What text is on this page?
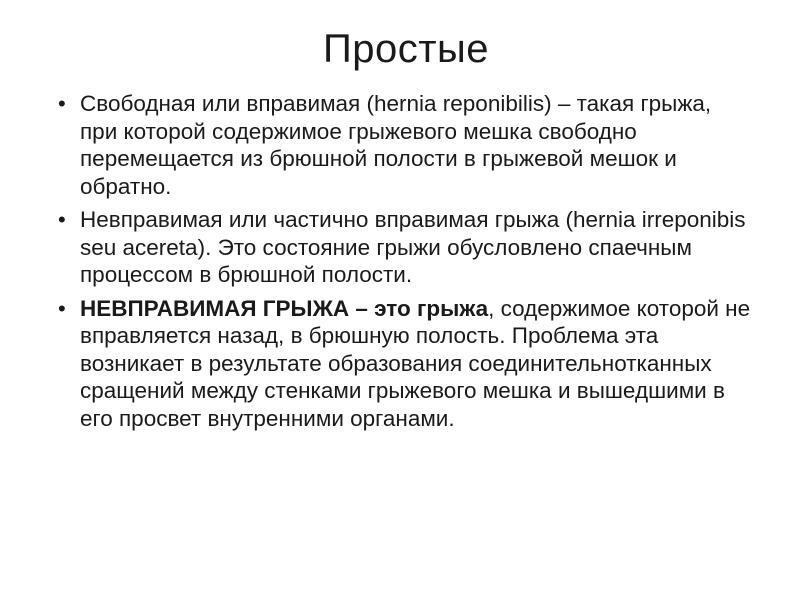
Простые
• Свободная или вправимая (hernia reponibilis) – такая грыжа, при которой содержимое грыжевого мешка свободно перемещается из брюшной полости в грыжевой мешок и обратно.
• Невправимая или частично вправимая грыжа (hernia irreponibis seu acereta). Это состояние грыжи обусловлено спаечным процессом в брюшной полости.
• НЕВПРАВИМАЯ ГРЫЖА – это грыжа, содержимое которой не вправляется назад, в брюшную полость. Проблема эта возникает в результате образования соединительнотканных сращений между стенками грыжевого мешка и вышедшими в его просвет внутренними органами.
